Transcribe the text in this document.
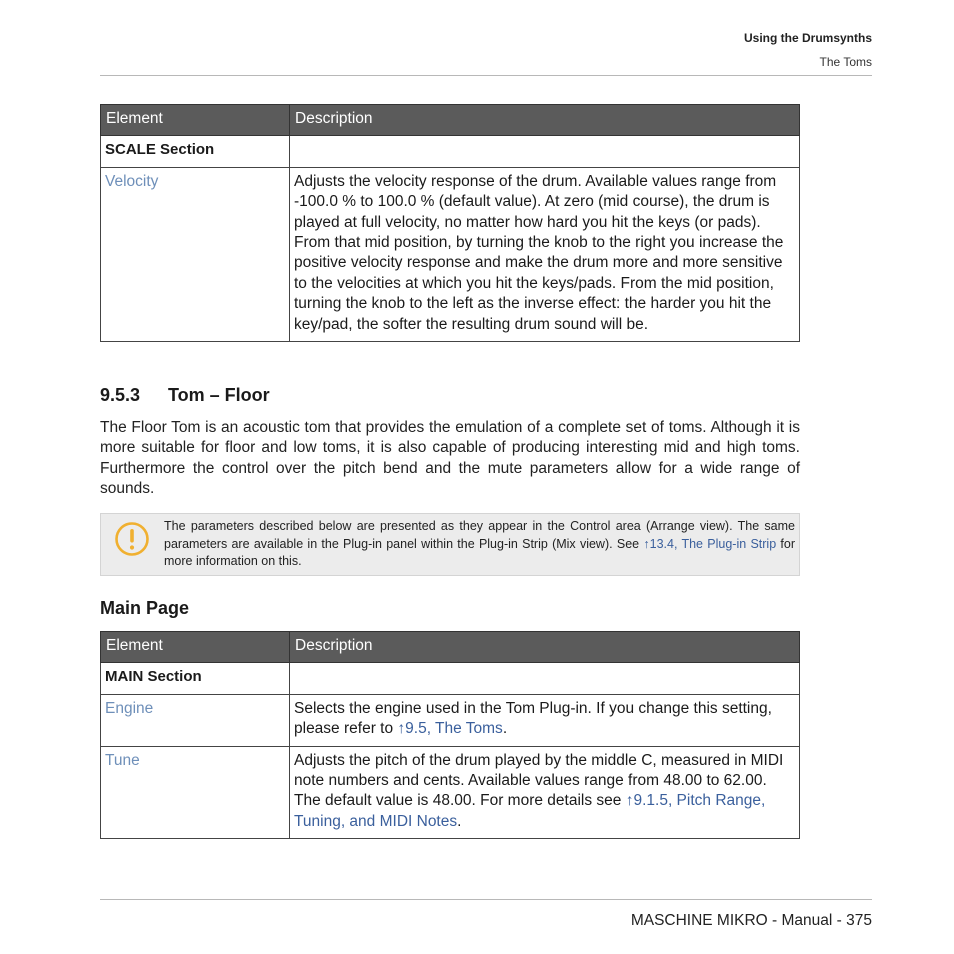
Using the Drumsynths
The Toms
Element	Description
SCALE Section	
Velocity	Adjusts the velocity response of the drum. Available values range from -100.0 % to 100.0 % (default value). At zero (mid course), the drum is played at full velocity, no matter how hard you hit the keys (or pads). From that mid position, by turning the knob to the right you increase the positive velocity response and make the drum more and more sensitive to the velocities at which you hit the keys/pads. From the mid position, turning the knob to the left as the inverse effect: the harder you hit the key/pad, the softer the resulting drum sound will be.
9.5.3 Tom – Floor

The Floor Tom is an acoustic tom that provides the emulation of a complete set of toms. Although it is more suitable for floor and low toms, it is also capable of producing interesting mid and high toms. Furthermore the control over the pitch bend and the mute parameters allow for a wide range of sounds.

The parameters described below are presented as they appear in the Control area (Arrange view). The same parameters are available in the Plug-in panel within the Plug-in Strip (Mix view). See ↑13.4, The Plug-in Strip for more information on this.
Main Page
Element	Description
MAIN Section	
Engine	Selects the engine used in the Tom Plug-in. If you change this setting, please refer to ↑9.5, The Toms.
Tune	Adjusts the pitch of the drum played by the middle C, measured in MIDI note numbers and cents. Available values range from 48.00 to 62.00. The default value is 48.00. For more details see ↑9.1.5, Pitch Range, Tuning, and MIDI Notes.
MASCHINE MIKRO - Manual - 375
